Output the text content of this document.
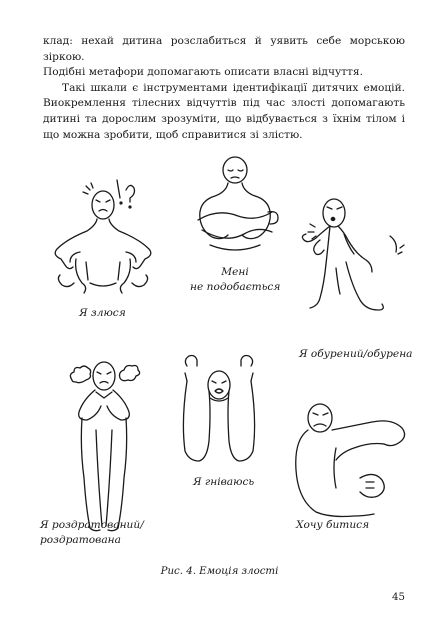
клад: нехай дитина розслабиться й уявить себе морською зіркою.
Подібні метафори допомагають описати власні відчуття.

Такі шкали є інструментами ідентифікації дитячих емоцій. Виокремлення тілесних відчуттів під час злості допомагають дитині та дорослим зрозуміти, що відбувається з їхнім тілом і що можна зробити, щоб справитися зі злістю.

Я злюся
Мені
не подобається
Я обурений/обурена
Я роздратований/
роздратована
Я гніваюсь
Хочу битися
Рис. 4. Емоція злості
45
